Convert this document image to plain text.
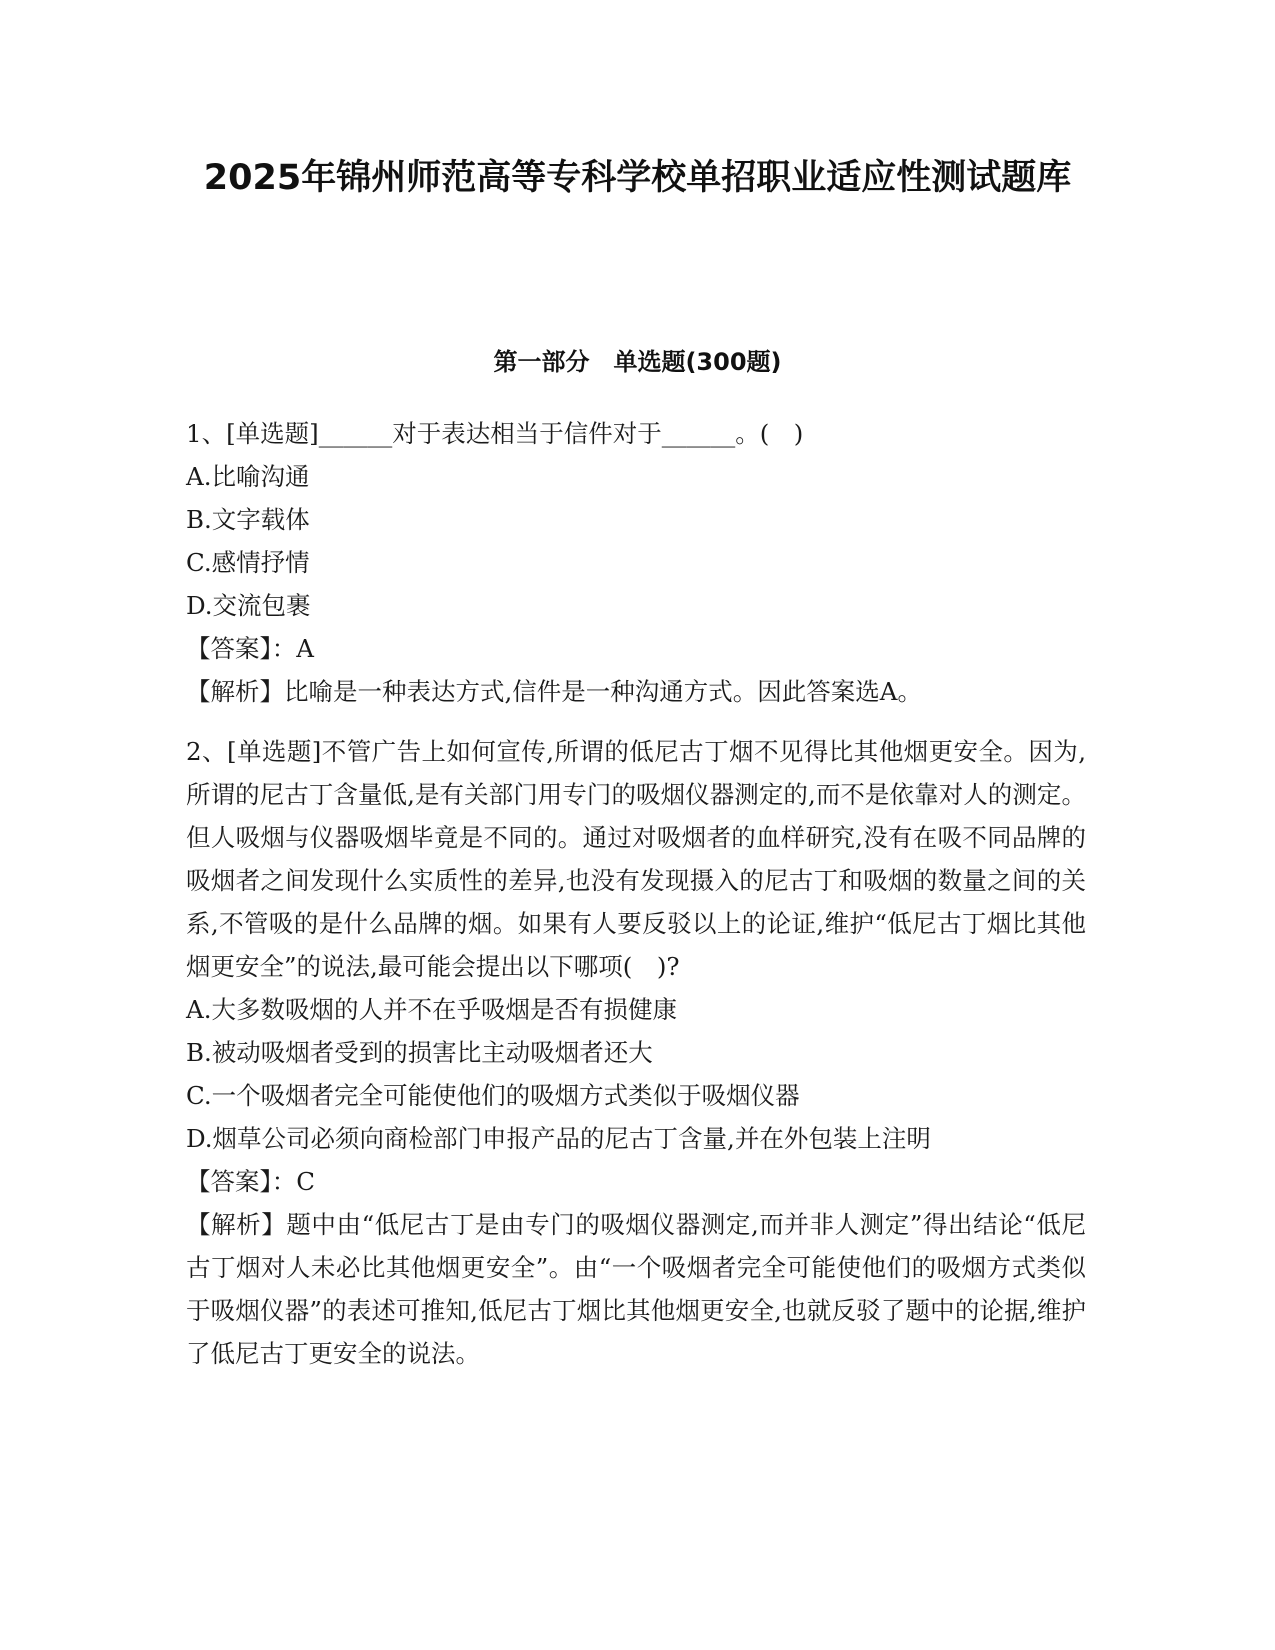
2025年锦州师范高等专科学校单招职业适应性测试题库
第一部分　单选题(300题)
1、[单选题]______对于表达相当于信件对于______。(　)
A.比喻沟通
B.文字载体
C.感情抒情
D.交流包裹
【答案】：A
【解析】比喻是一种表达方式,信件是一种沟通方式。因此答案选A。
2、[单选题]不管广告上如何宣传,所谓的低尼古丁烟不见得比其他烟更安全。因为,所谓的尼古丁含量低,是有关部门用专门的吸烟仪器测定的,而不是依靠对人的测定。但人吸烟与仪器吸烟毕竟是不同的。通过对吸烟者的血样研究,没有在吸不同品牌的吸烟者之间发现什么实质性的差异,也没有发现摄入的尼古丁和吸烟的数量之间的关系,不管吸的是什么品牌的烟。如果有人要反驳以上的论证,维护“低尼古丁烟比其他烟更安全”的说法,最可能会提出以下哪项(　)?
A.大多数吸烟的人并不在乎吸烟是否有损健康
B.被动吸烟者受到的损害比主动吸烟者还大
C.一个吸烟者完全可能使他们的吸烟方式类似于吸烟仪器
D.烟草公司必须向商检部门申报产品的尼古丁含量,并在外包装上注明
【答案】：C
【解析】题中由“低尼古丁是由专门的吸烟仪器测定,而并非人测定”得出结论“低尼古丁烟对人未必比其他烟更安全”。由“一个吸烟者完全可能使他们的吸烟方式类似于吸烟仪器”的表述可推知,低尼古丁烟比其他烟更安全,也就反驳了题中的论据,维护了低尼古丁更安全的说法。
